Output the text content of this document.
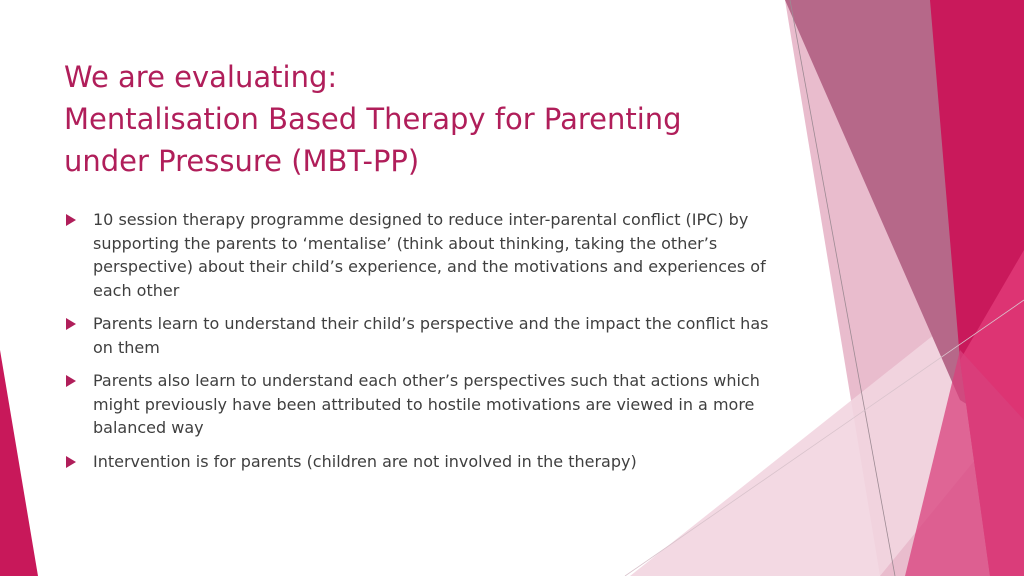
We are evaluating:
Mentalisation Based Therapy for Parenting
under Pressure (MBT-PP)
10 session therapy programme designed to reduce inter-parental conflict (IPC) by supporting the parents to ‘mentalise’ (think about thinking, taking the other’s perspective) about their child’s experience, and the motivations and experiences of each other
Parents learn to understand their child’s perspective and the impact the conflict has on them
Parents also learn to understand each other’s perspectives such that actions which might previously have been attributed to hostile motivations are viewed in a more balanced way
Intervention is for parents (children are not involved in the therapy)
